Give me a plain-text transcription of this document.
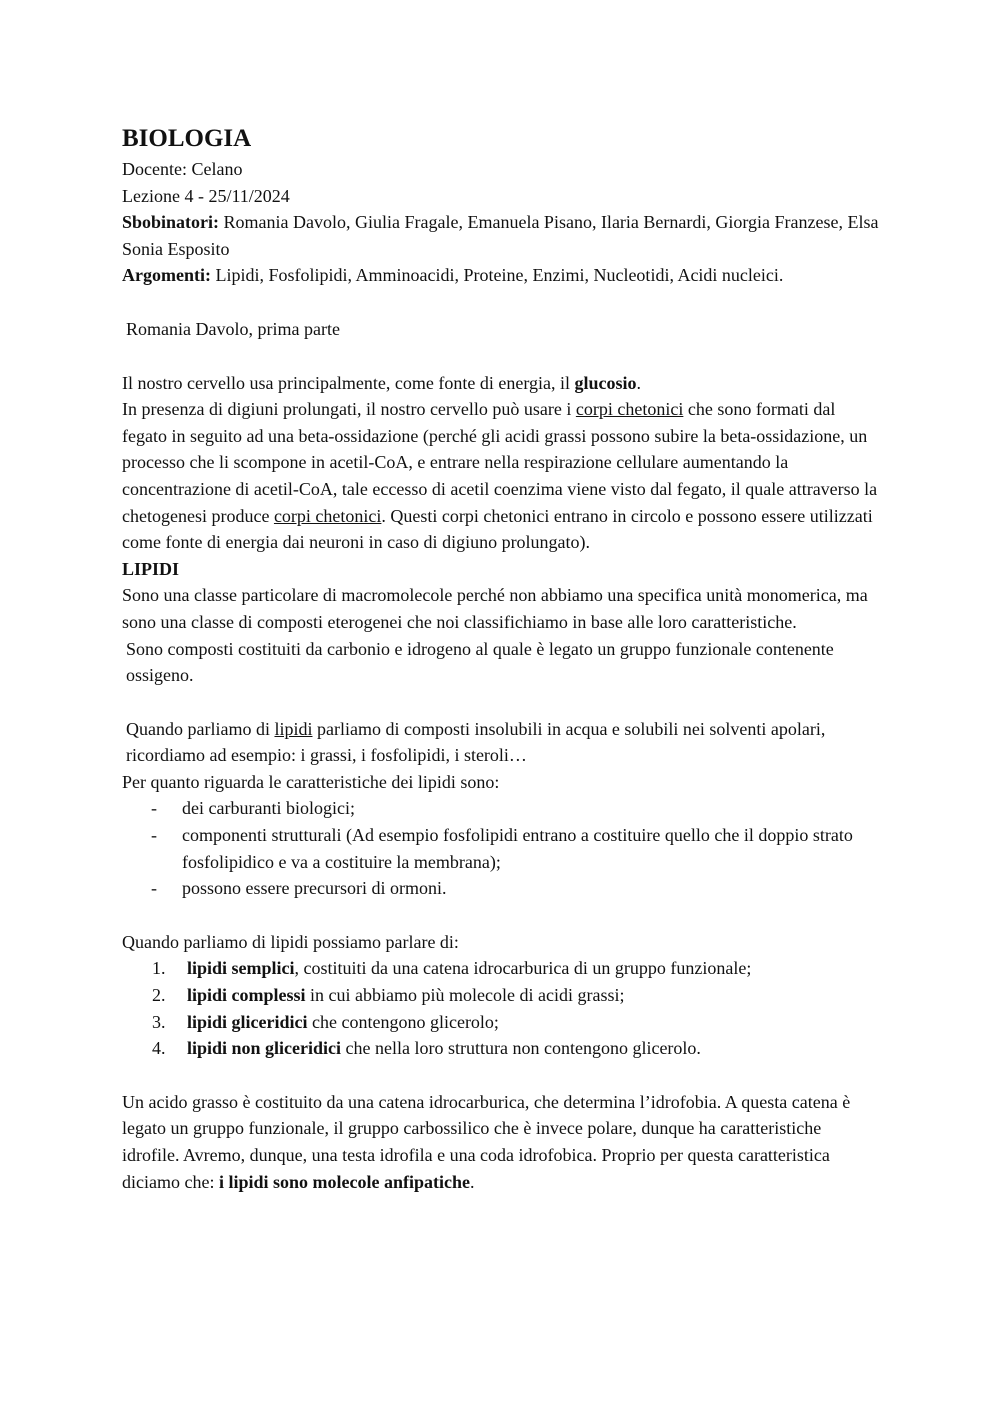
BIOLOGIA

Docente: Celano

Lezione 4 - 25/11/2024

Sbobinatori: Romania Davolo, Giulia Fragale, Emanuela Pisano, Ilaria Bernardi, Giorgia Franzese, Elsa Sonia Esposito

Argomenti: Lipidi, Fosfolipidi, Amminoacidi, Proteine, Enzimi, Nucleotidi, Acidi nucleici.

Romania Davolo, prima parte

Il nostro cervello usa principalmente, come fonte di energia, il glucosio.

In presenza di digiuni prolungati, il nostro cervello può usare i corpi chetonici che sono formati dal fegato in seguito ad una beta-ossidazione (perché gli acidi grassi possono subire la beta-ossidazione, un processo che li scompone in acetil-CoA, e entrare nella respirazione cellulare aumentando la concentrazione di acetil-CoA, tale eccesso di acetil coenzima viene visto dal fegato, il quale attraverso la chetogenesi produce corpi chetonici. Questi corpi chetonici entrano in circolo e possono essere utilizzati come fonte di energia dai neuroni in caso di digiuno prolungato).

LIPIDI

Sono una classe particolare di macromolecole perché non abbiamo una specifica unità monomerica, ma sono una classe di composti eterogenei che noi classifichiamo in base alle loro caratteristiche.

Sono composti costituiti da carbonio e idrogeno al quale è legato un gruppo funzionale contenente ossigeno.

Quando parliamo di lipidi parliamo di composti insolubili in acqua e solubili nei solventi apolari, ricordiamo ad esempio: i grassi, i fosfolipidi, i steroli…

Per quanto riguarda le caratteristiche dei lipidi sono:

- dei carburanti biologici;
- componenti strutturali (Ad esempio fosfolipidi entrano a costituire quello che il doppio strato fosfolipidico e va a costituire la membrana);
- possono essere precursori di ormoni.

Quando parliamo di lipidi possiamo parlare di:

1. lipidi semplici, costituiti da una catena idrocarburica di un gruppo funzionale;
2. lipidi complessi in cui abbiamo più molecole di acidi grassi;
3. lipidi gliceridici che contengono glicerolo;
4. lipidi non gliceridici che nella loro struttura non contengono glicerolo.

Un acido grasso è costituito da una catena idrocarburica, che determina l’idrofobia. A questa catena è legato un gruppo funzionale, il gruppo carbossilico che è invece polare, dunque ha caratteristiche idrofile. Avremo, dunque, una testa idrofila e una coda idrofobica. Proprio per questa caratteristica diciamo che: i lipidi sono molecole anfipatiche.
